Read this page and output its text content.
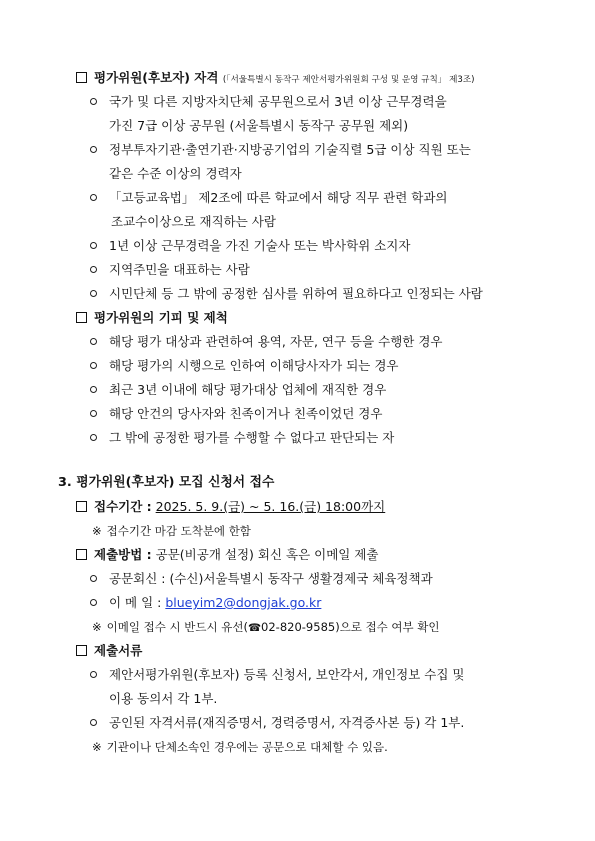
평가위원(후보자) 자격 (「서울특별시 동작구 제안서평가위원회 구성 및 운영 규칙」 제3조)
국가 및 다른 지방자치단체 공무원으로서 3년 이상 근무경력을
가진 7급 이상 공무원 (서울특별시 동작구 공무원 제외)
정부투자기관·출연기관·지방공기업의 기술직렬 5급 이상 직원 또는
같은 수준 이상의 경력자
「고등교육법」 제2조에 따른 학교에서 해당 직무 관련 학과의
조교수이상으로 재직하는 사람
1년 이상 근무경력을 가진 기술사 또는 박사학위 소지자
지역주민을 대표하는 사람
시민단체 등 그 밖에 공정한 심사를 위하여 필요하다고 인정되는 사람
평가위원의 기피 및 제척
해당 평가 대상과 관련하여 용역, 자문, 연구 등을 수행한 경우
해당 평가의 시행으로 인하여 이해당사자가 되는 경우
최근 3년 이내에 해당 평가대상 업체에 재직한 경우
해당 안건의 당사자와 친족이거나 친족이었던 경우
그 밖에 공정한 평가를 수행할 수 없다고 판단되는 자
3. 평가위원(후보자) 모집 신청서 접수
접수기간 : 2025. 5. 9.(금) ~ 5. 16.(금) 18:00까지
※ 접수기간 마감 도착분에 한함
제출방법 : 공문(비공개 설정) 회신 혹은 이메일 제출
공문회신 : (수신)서울특별시 동작구 생활경제국 체육정책과
이 메 일 : blueyim2@dongjak.go.kr
※ 이메일 접수 시 반드시 유선(☎02-820-9585)으로 접수 여부 확인
제출서류
제안서평가위원(후보자) 등록 신청서, 보안각서, 개인정보 수집 및
이용 동의서 각 1부.
공인된 자격서류(재직증명서, 경력증명서, 자격증사본 등) 각 1부.
※ 기관이나 단체소속인 경우에는 공문으로 대체할 수 있음.
